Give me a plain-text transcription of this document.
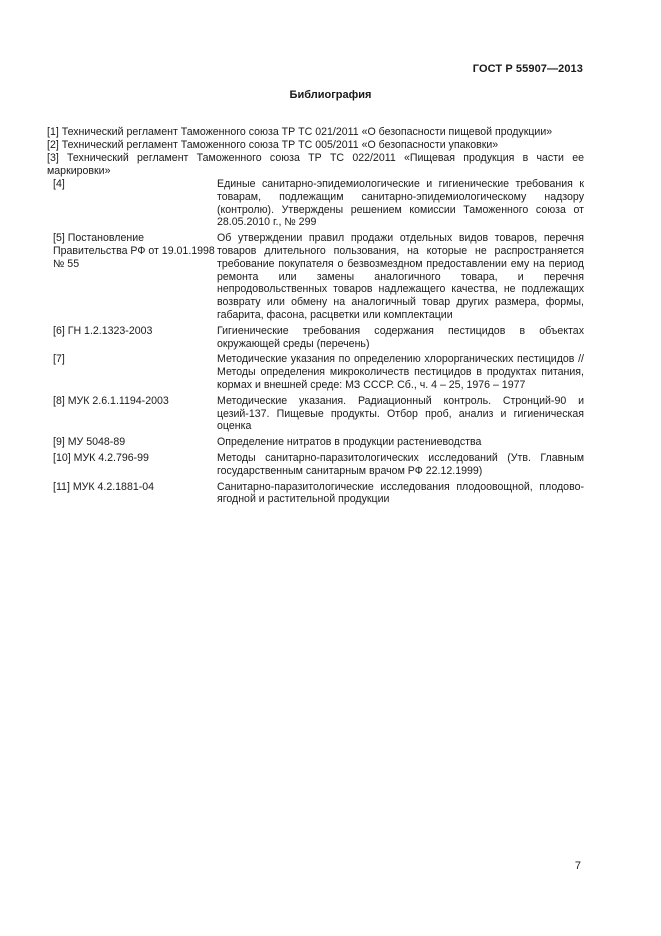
ГОСТ Р 55907—2013
Библиография

[1] Технический регламент Таможенного союза ТР ТС 021/2011 «О безопасности пищевой продукции»

[2] Технический регламент Таможенного союза ТР ТС 005/2011 «О безопасности упаковки»

[3] Технический регламент Таможенного союза ТР ТС 022/2011 «Пищевая продукция в части ее маркировки»

[4]	Единые санитарно-эпидемиологические и гигиенические требования к товарам, подлежащим санитарно-эпидемиологическому надзору (контролю). Утверждены решением комиссии Таможенного союза от 28.05.2010 г., № 299
[5] Постановление Правительства РФ от 19.01.1998 № 55	Об утверждении правил продажи отдельных видов товаров, перечня товаров длительного пользования, на которые не распространяется требование покупателя о безвозмездном предоставлении ему на период ремонта или замены аналогичного товара, и перечня непродовольственных товаров надлежащего качества, не подлежащих возврату или обмену на аналогичный товар других размера, формы, габарита, фасона, расцветки или комплектации
[6] ГН 1.2.1323-2003	Гигиенические требования содержания пестицидов в объектах окружающей среды (перечень)
[7]	Методические указания по определению хлорорганических пестицидов // Методы определения микроколичеств пестицидов в продуктах питания, кормах и внешней среде: МЗ СССР. Сб., ч. 4 – 25, 1976 – 1977
[8] МУК 2.6.1.1194-2003	Методические указания. Радиационный контроль. Стронций-90 и цезий-137. Пищевые продукты. Отбор проб, анализ и гигиеническая оценка
[9] МУ 5048-89	Определение нитратов в продукции растениеводства
[10] МУК 4.2.796-99	Методы санитарно-паразитологических исследований (Утв. Главным государственным санитарным врачом РФ 22.12.1999)
[11] МУК 4.2.1881-04	Санитарно-паразитологические исследования плодоовощной, плодово-ягодной и растительной продукции
7
